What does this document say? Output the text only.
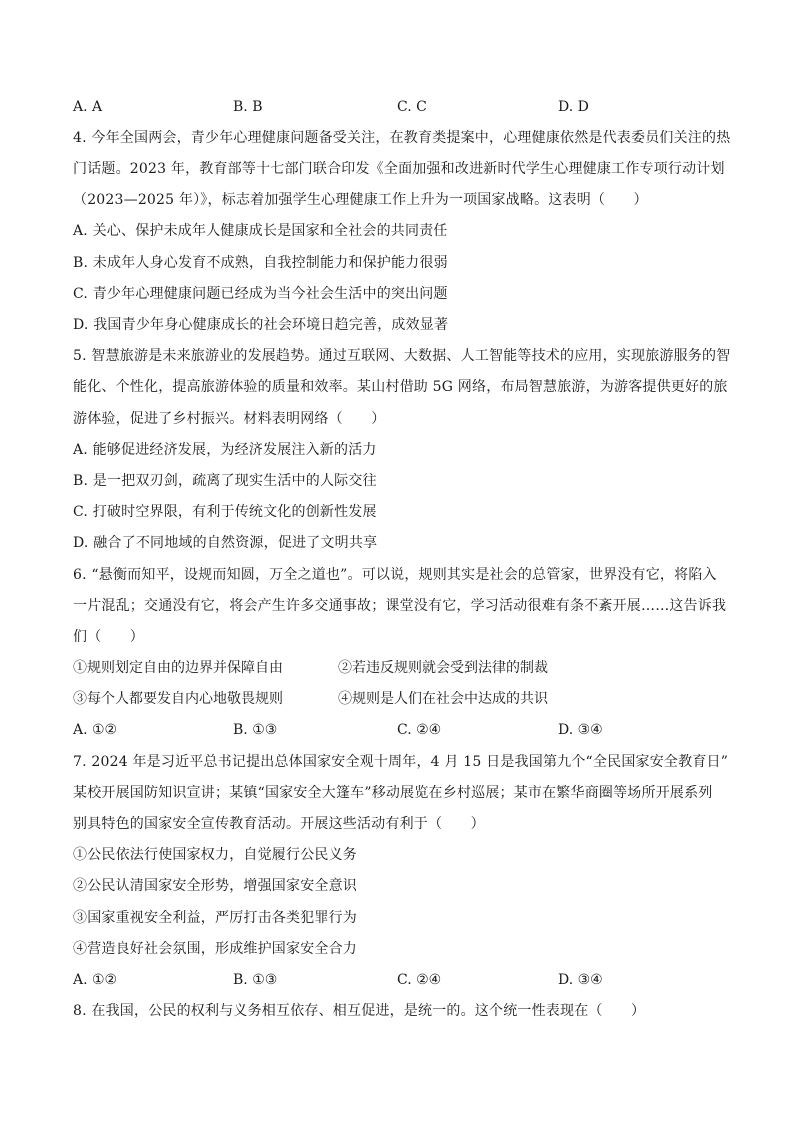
A. A	B. B	C. C	D. D
4. 今年全国两会，青少年心理健康问题备受关注，在教育类提案中，心理健康依然是代表委员们关注的热
门话题。2023 年，教育部等十七部门联合印发《全面加强和改进新时代学生心理健康工作专项行动计划
（2023—2025 年）》，标志着加强学生心理健康工作上升为一项国家战略。这表明（　　）
A. 关心、保护未成年人健康成长是国家和全社会的共同责任
B. 未成年人身心发育不成熟，自我控制能力和保护能力很弱
C. 青少年心理健康问题已经成为当今社会生活中的突出问题
D. 我国青少年身心健康成长的社会环境日趋完善，成效显著
5. 智慧旅游是未来旅游业的发展趋势。通过互联网、大数据、人工智能等技术的应用，实现旅游服务的智
能化、个性化，提高旅游体验的质量和效率。某山村借助 5G 网络，布局智慧旅游，为游客提供更好的旅
游体验，促进了乡村振兴。材料表明网络（　　）
A. 能够促进经济发展，为经济发展注入新的活力
B. 是一把双刃剑，疏离了现实生活中的人际交往
C. 打破时空界限，有利于传统文化的创新性发展
D. 融合了不同地域的自然资源，促进了文明共享
6. “悬衡而知平，设规而知圆，万全之道也”。可以说，规则其实是社会的总管家，世界没有它，将陷入
一片混乱；交通没有它，将会产生许多交通事故；课堂没有它，学习活动很难有条不紊开展……这告诉我
们（　　）
①规则划定自由的边界并保障自由	②若违反规则就会受到法律的制裁
③每个人都要发自内心地敬畏规则	④规则是人们在社会中达成的共识
A. ①②	B. ①③	C. ②④	D. ③④
7. 2024 年是习近平总书记提出总体国家安全观十周年，4 月 15 日是我国第九个“全民国家安全教育日”
某校开展国防知识宣讲；某镇“国家安全大篷车”移动展览在乡村巡展；某市在繁华商圈等场所开展系列
别具特色的国家安全宣传教育活动。开展这些活动有利于（　　）
①公民依法行使国家权力，自觉履行公民义务
②公民认清国家安全形势，增强国家安全意识
③国家重视安全利益，严厉打击各类犯罪行为
④营造良好社会氛围，形成维护国家安全合力
A. ①②	B. ①③	C. ②④	D. ③④
8. 在我国，公民的权利与义务相互依存、相互促进，是统一的。这个统一性表现在（　　）
